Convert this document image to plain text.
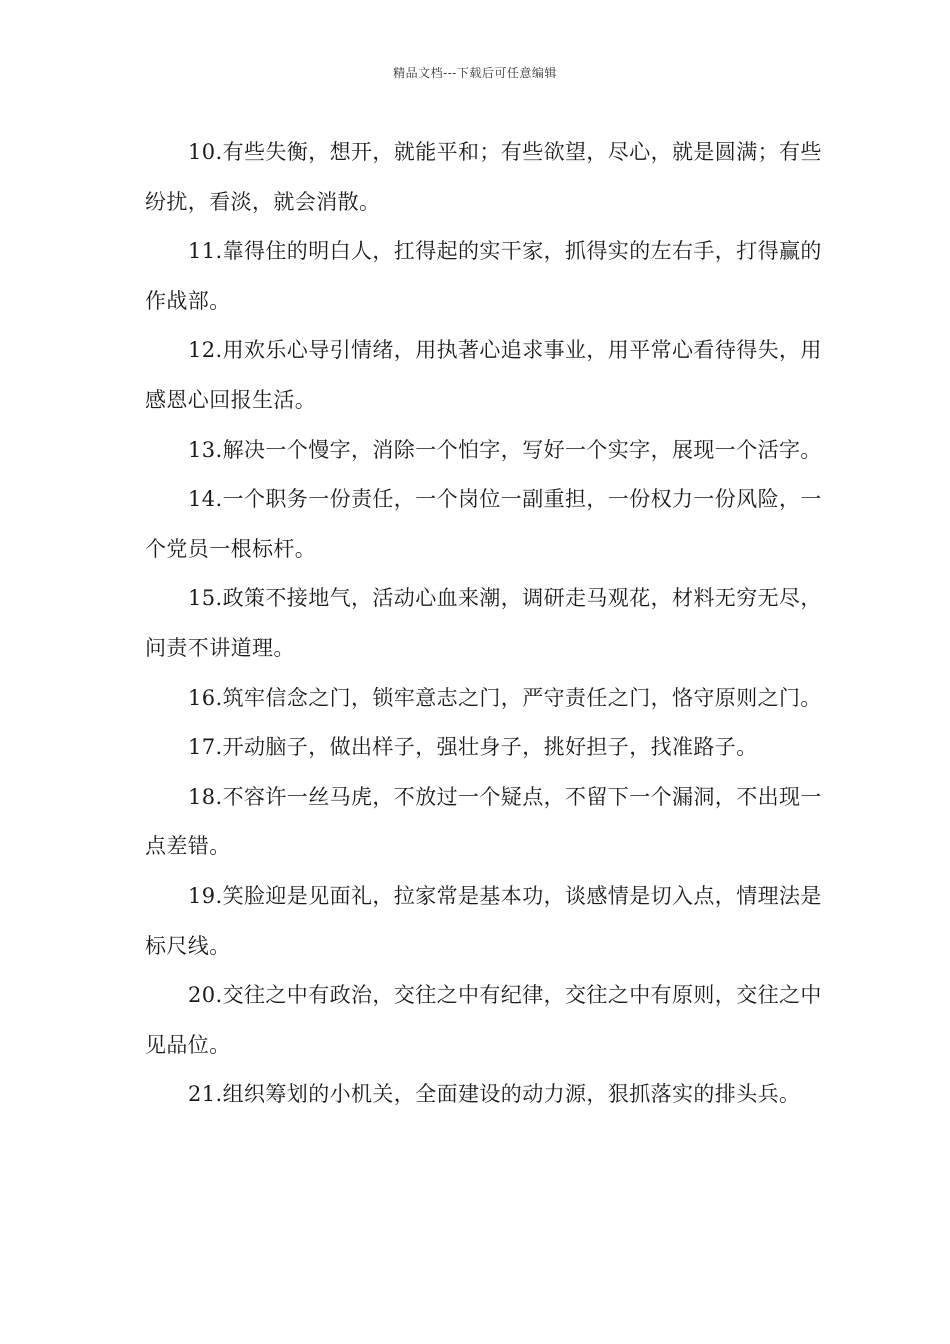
精品文档---下载后可任意编辑

10.有些失衡，想开，就能平和；有些欲望，尽心，就是圆满；有些纷扰，看淡，就会消散。

11.靠得住的明白人，扛得起的实干家，抓得实的左右手，打得赢的作战部。

12.用欢乐心导引情绪，用执著心追求事业，用平常心看待得失，用感恩心回报生活。

13.解决一个慢字，消除一个怕字，写好一个实字，展现一个活字。

14.一个职务一份责任，一个岗位一副重担，一份权力一份风险，一个党员一根标杆。

15.政策不接地气，活动心血来潮，调研走马观花，材料无穷无尽，问责不讲道理。

16.筑牢信念之门，锁牢意志之门，严守责任之门，恪守原则之门。

17.开动脑子，做出样子，强壮身子，挑好担子，找准路子。

18.不容许一丝马虎，不放过一个疑点，不留下一个漏洞，不出现一点差错。

19.笑脸迎是见面礼，拉家常是基本功，谈感情是切入点，情理法是标尺线。

20.交往之中有政治，交往之中有纪律，交往之中有原则，交往之中见品位。

21.组织筹划的小机关，全面建设的动力源，狠抓落实的排头兵。
